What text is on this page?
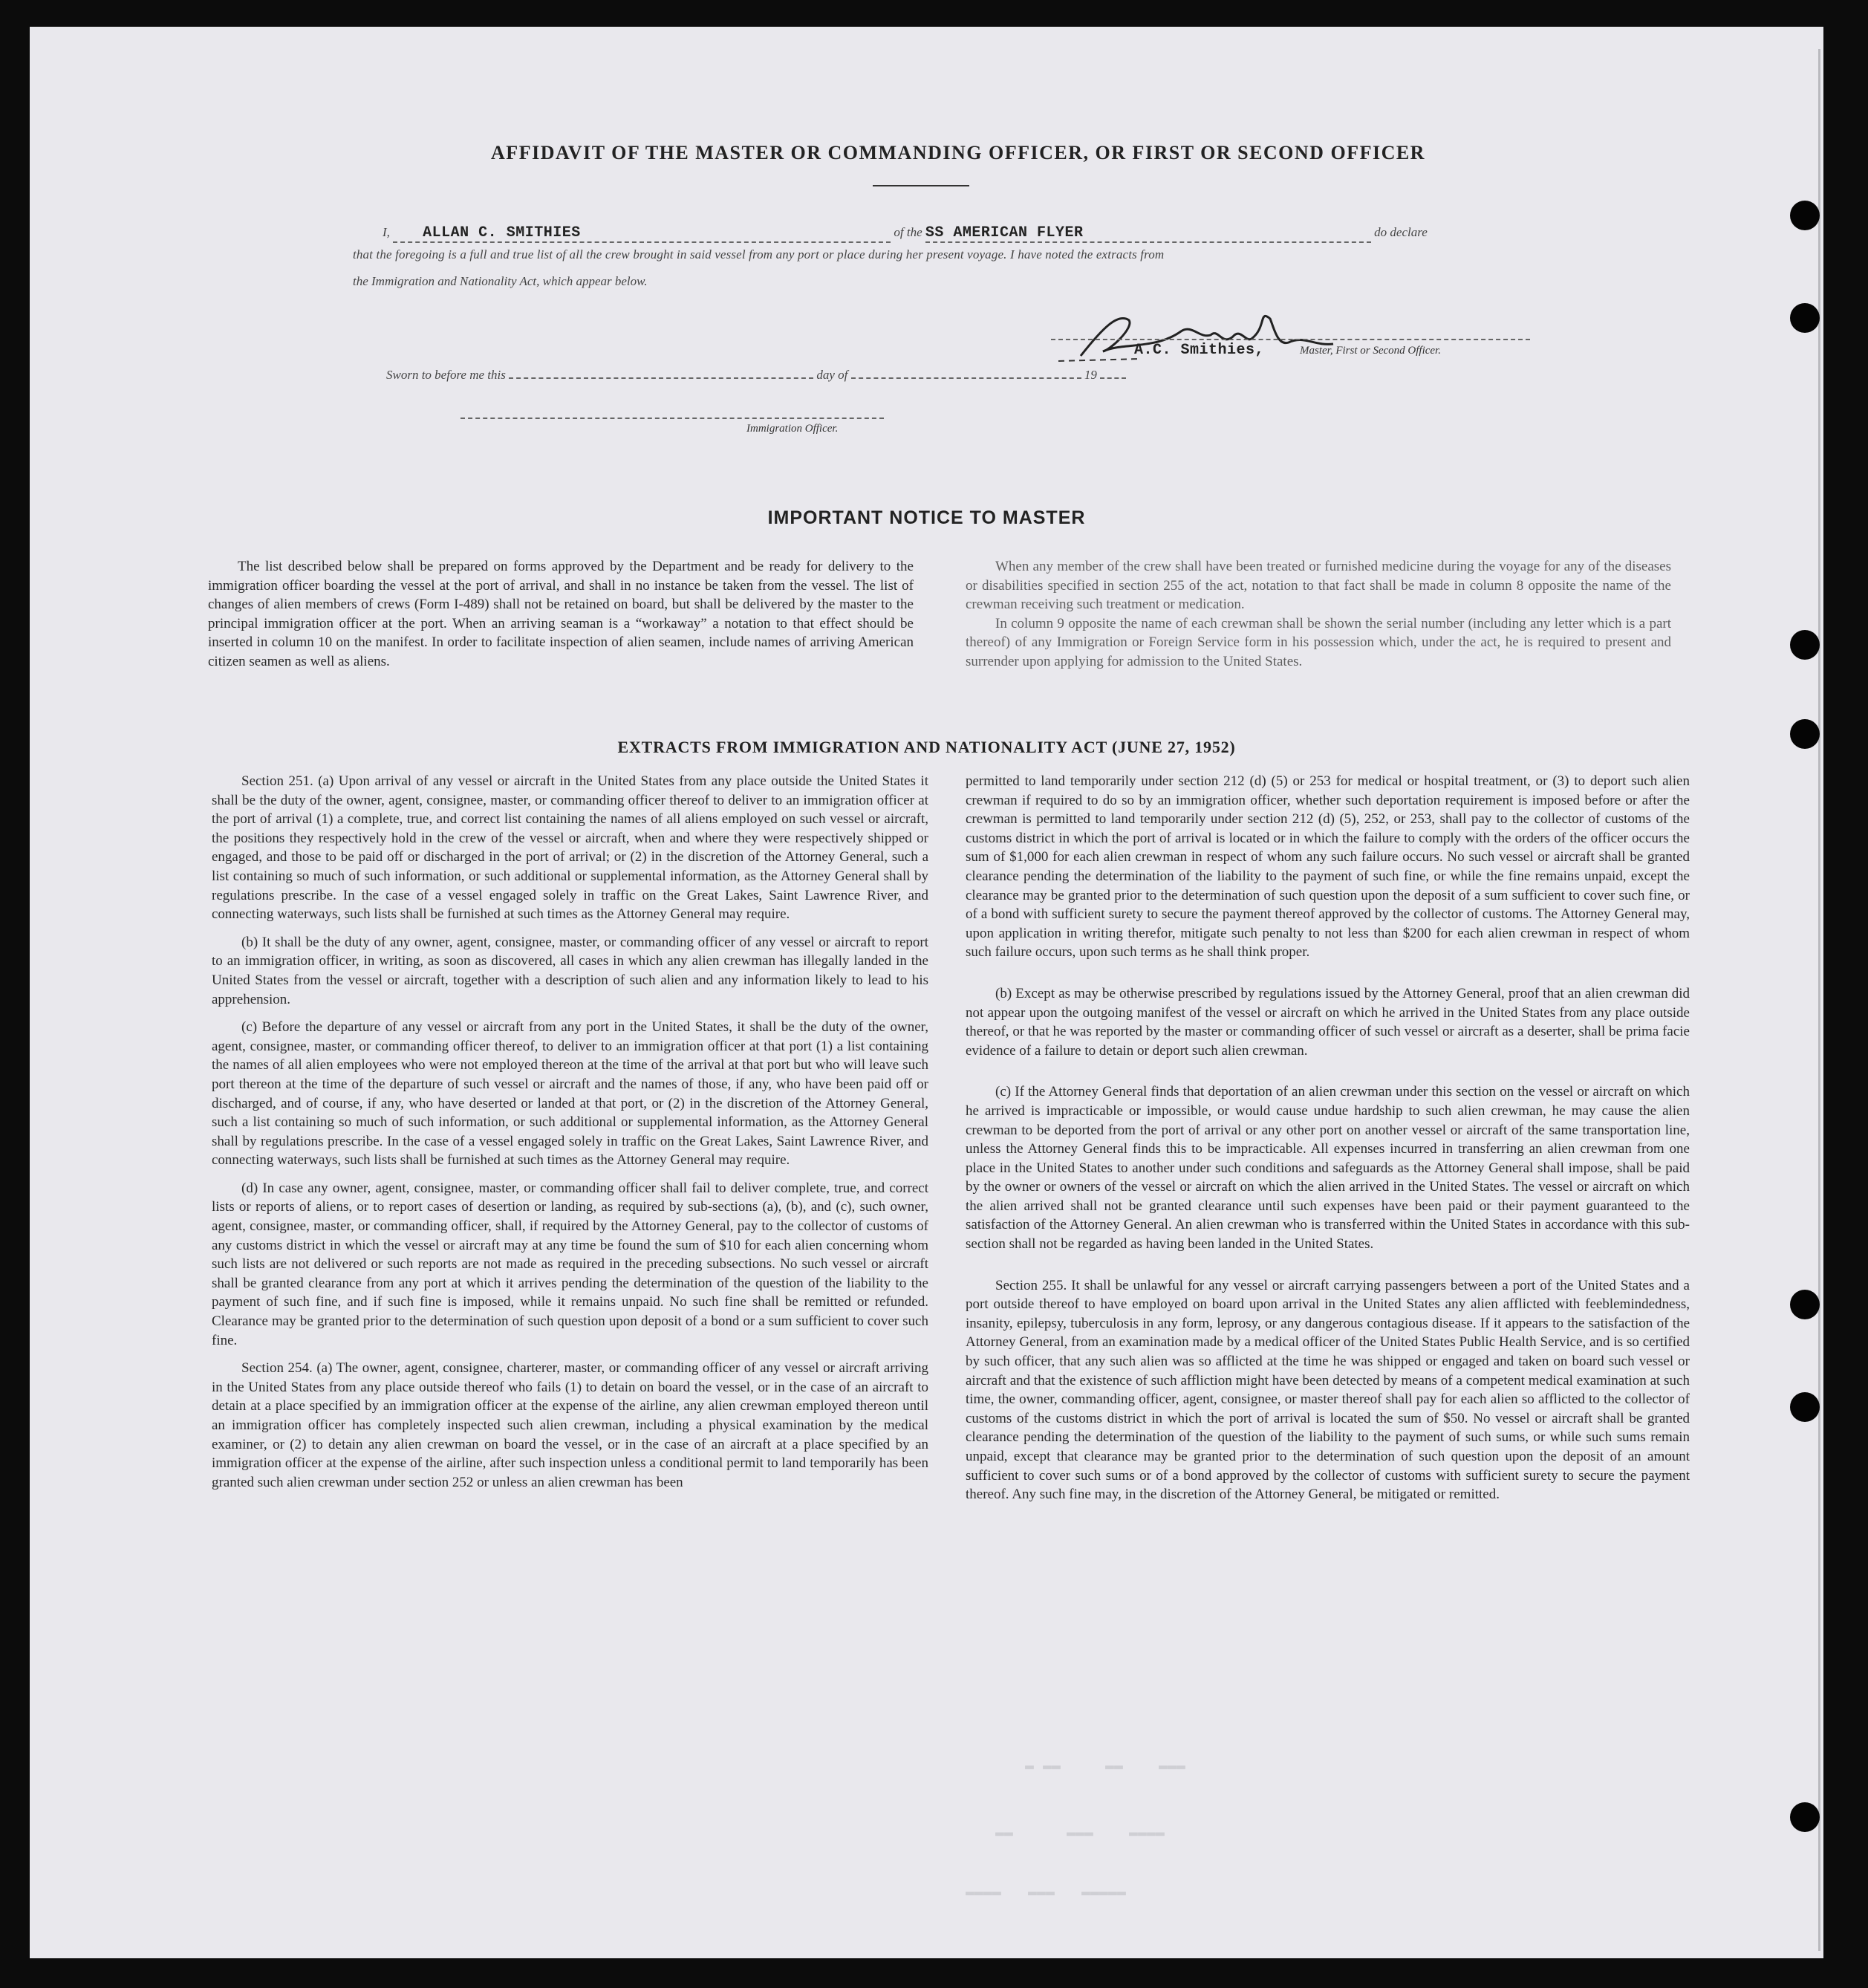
AFFIDAVIT OF THE MASTER OR COMMANDING OFFICER, OR FIRST OR SECOND OFFICER
I, ALLAN C. SMITHIES	of the SS AMERICAN FLYER	do declare
that the foregoing is a full and true list of all the crew brought in said vessel from any port or place during her present voyage. I have noted the extracts from
the Immigration and Nationality Act, which appear below.
A.C. Smithies,	Master, First or Second Officer.
Sworn to before me this	day of	19
Immigration Officer.
IMPORTANT NOTICE TO MASTER

The list described below shall be prepared on forms approved by the Department and be ready for delivery to the immigration officer boarding the vessel at the port of arrival, and shall in no instance be taken from the vessel. The list of changes of alien members of crews (Form I-489) shall not be retained on board, but shall be delivered by the master to the principal immigration officer at the port. When an arriving seaman is a “workaway” a notation to that effect should be inserted in column 10 on the manifest. In order to facilitate inspection of alien seamen, include names of arriving American citizen seamen as well as aliens.

When any member of the crew shall have been treated or furnished medicine during the voyage for any of the diseases or disabilities specified in section 255 of the act, notation to that fact shall be made in column 8 opposite the name of the crewman receiving such treatment or medication.

In column 9 opposite the name of each crewman shall be shown the serial number (including any letter which is a part thereof) of any Immigration or Foreign Service form in his possession which, under the act, he is required to present and surrender upon applying for admission to the United States.

EXTRACTS FROM IMMIGRATION AND NATIONALITY ACT (JUNE 27, 1952)

Section 251. (a) Upon arrival of any vessel or aircraft in the United States from any place outside the United States it shall be the duty of the owner, agent, consignee, master, or commanding officer thereof to deliver to an immigration officer at the port of arrival (1) a complete, true, and correct list containing the names of all aliens employed on such vessel or aircraft, the positions they respectively hold in the crew of the vessel or aircraft, when and where they were respectively shipped or engaged, and those to be paid off or discharged in the port of arrival; or (2) in the discretion of the Attorney General, such a list containing so much of such information, or such additional or supplemental information, as the Attorney General shall by regulations prescribe. In the case of a vessel engaged solely in traffic on the Great Lakes, Saint Lawrence River, and connecting waterways, such lists shall be furnished at such times as the Attorney General may require.

(b) It shall be the duty of any owner, agent, consignee, master, or commanding officer of any vessel or aircraft to report to an immigration officer, in writing, as soon as discovered, all cases in which any alien crewman has illegally landed in the United States from the vessel or aircraft, together with a description of such alien and any information likely to lead to his apprehension.

(c) Before the departure of any vessel or aircraft from any port in the United States, it shall be the duty of the owner, agent, consignee, master, or commanding officer thereof, to deliver to an immigration officer at that port (1) a list containing the names of all alien employees who were not employed thereon at the time of the arrival at that port but who will leave such port thereon at the time of the departure of such vessel or aircraft and the names of those, if any, who have been paid off or discharged, and of course, if any, who have deserted or landed at that port, or (2) in the discretion of the Attorney General, such a list containing so much of such information, or such additional or supplemental information, as the Attorney General shall by regulations prescribe. In the case of a vessel engaged solely in traffic on the Great Lakes, Saint Lawrence River, and connecting waterways, such lists shall be furnished at such times as the Attorney General may require.

(d) In case any owner, agent, consignee, master, or commanding officer shall fail to deliver complete, true, and correct lists or reports of aliens, or to report cases of desertion or landing, as required by sub-sections (a), (b), and (c), such owner, agent, consignee, master, or commanding officer, shall, if required by the Attorney General, pay to the collector of customs of any customs district in which the vessel or aircraft may at any time be found the sum of $10 for each alien concerning whom such lists are not delivered or such reports are not made as required in the preceding subsections. No such vessel or aircraft shall be granted clearance from any port at which it arrives pending the determination of the question of the liability to the payment of such fine, and if such fine is imposed, while it remains unpaid. No such fine shall be remitted or refunded. Clearance may be granted prior to the determination of such question upon deposit of a bond or a sum sufficient to cover such fine.

Section 254. (a) The owner, agent, consignee, charterer, master, or commanding officer of any vessel or aircraft arriving in the United States from any place outside thereof who fails (1) to detain on board the vessel, or in the case of an aircraft to detain at a place specified by an immigration officer at the expense of the airline, any alien crewman employed thereon until an immigration officer has completely inspected such alien crewman, including a physical examination by the medical examiner, or (2) to detain any alien crewman on board the vessel, or in the case of an aircraft at a place specified by an immigration officer at the expense of the airline, after such inspection unless a conditional permit to land temporarily has been granted such alien crewman under section 252 or unless an alien crewman has been

permitted to land temporarily under section 212 (d) (5) or 253 for medical or hospital treatment, or (3) to deport such alien crewman if required to do so by an immigration officer, whether such deportation requirement is imposed before or after the crewman is permitted to land temporarily under section 212 (d) (5), 252, or 253, shall pay to the collector of customs of the customs district in which the port of arrival is located or in which the failure to comply with the orders of the officer occurs the sum of $1,000 for each alien crewman in respect of whom any such failure occurs. No such vessel or aircraft shall be granted clearance pending the determination of the liability to the payment of such fine, or while the fine remains unpaid, except the clearance may be granted prior to the determination of such question upon the deposit of a sum sufficient to cover such fine, or of a bond with sufficient surety to secure the payment thereof approved by the collector of customs. The Attorney General may, upon application in writing therefor, mitigate such penalty to not less than $200 for each alien crewman in respect of whom such failure occurs, upon such terms as he shall think proper.

(b) Except as may be otherwise prescribed by regulations issued by the Attorney General, proof that an alien crewman did not appear upon the outgoing manifest of the vessel or aircraft on which he arrived in the United States from any place outside thereof, or that he was reported by the master or commanding officer of such vessel or aircraft as a deserter, shall be prima facie evidence of a failure to detain or deport such alien crewman.

(c) If the Attorney General finds that deportation of an alien crewman under this section on the vessel or aircraft on which he arrived is impracticable or impossible, or would cause undue hardship to such alien crewman, he may cause the alien crewman to be deported from the port of arrival or any other port on another vessel or aircraft of the same transportation line, unless the Attorney General finds this to be impracticable. All expenses incurred in transferring an alien crewman from one place in the United States to another under such conditions and safeguards as the Attorney General shall impose, shall be paid by the owner or owners of the vessel or aircraft on which the alien arrived in the United States. The vessel or aircraft on which the alien arrived shall not be granted clearance until such expenses have been paid or their payment guaranteed to the satisfaction of the Attorney General. An alien crewman who is transferred within the United States in accordance with this sub-section shall not be regarded as having been landed in the United States.

Section 255. It shall be unlawful for any vessel or aircraft carrying passengers between a port of the United States and a port outside thereof to have employed on board upon arrival in the United States any alien afflicted with feeblemindedness, insanity, epilepsy, tuberculosis in any form, leprosy, or any dangerous contagious disease. If it appears to the satisfaction of the Attorney General, from an examination made by a medical officer of the United States Public Health Service, and is so certified by such officer, that any such alien was so afflicted at the time he was shipped or engaged and taken on board such vessel or aircraft and that the existence of such affliction might have been detected by means of a competent medical examination at such time, the owner, commanding officer, agent, consignee, or master thereof shall pay for each alien so afflicted to the collector of customs of the customs district in which the port of arrival is located the sum of $50. No vessel or aircraft shall be granted clearance pending the determination of the question of the liability to the payment of such sums, or while such sums remain unpaid, except that clearance may be granted prior to the determination of such question upon the deposit of an amount sufficient to cover such sums or of a bond approved by the collector of customs with sufficient surety to secure the payment thereof. Any such fine may, in the discretion of the Attorney General, be mitigated or remitted.

▬ ▬▬     ▬▬    ▬▬▬
▬▬      ▬▬▬    ▬▬▬▬
▬▬▬▬   ▬▬▬   ▬▬▬▬▬
